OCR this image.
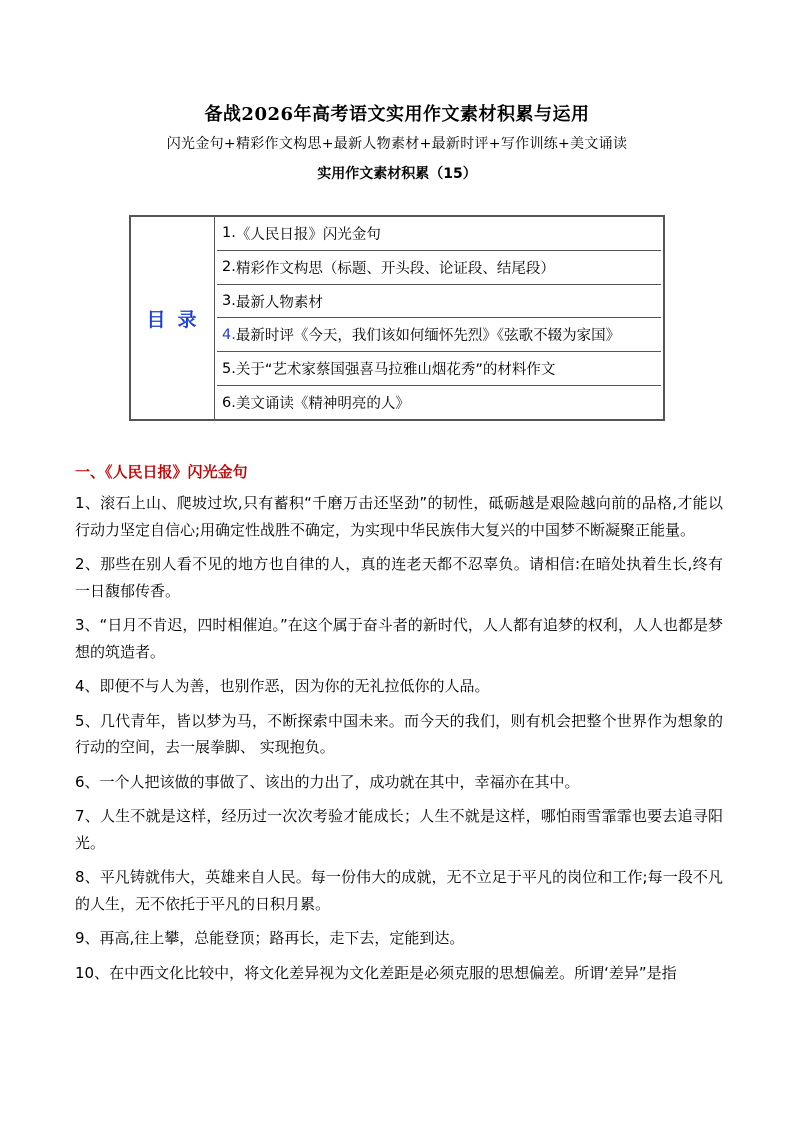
备战2026年高考语文实用作文素材积累与运用
闪光金句+精彩作文构思+最新人物素材+最新时评+写作训练+美文诵读
实用作文素材积累（15）
目录
1. 《人民日报》闪光金句
2. 精彩作文构思（标题、开头段、论证段、结尾段）
3. 最新人物素材
4. 最新时评《今天，我们该如何缅怀先烈》《弦歌不辍为家国》
5. 关于“艺术家蔡国强喜马拉雅山烟花秀”的材料作文
6. 美文诵读《精神明亮的人》
一、《人民日报》闪光金句

1、滚石上山、爬坡过坎,只有蓄积“千磨万击还坚劲”的韧性，砥砺越是艰险越向前的品格,才能以行动力坚定自信心;用确定性战胜不确定，为实现中华民族伟大复兴的中国梦不断凝聚正能量。

2、那些在别人看不见的地方也自律的人，真的连老天都不忍辜负。请相信:在暗处执着生长,终有一日馥郁传香。

3、“日月不肯迟，四时相催迫。”在这个属于奋斗者的新时代，人人都有追梦的权利，人人也都是梦想的筑造者。

4、即便不与人为善，也别作恶，因为你的无礼拉低你的人品。

5、几代青年，皆以梦为马，不断探索中国未来。而今天的我们，则有机会把整个世界作为想象的行动的空间，去一展拳脚、 实现抱负。

6、一个人把该做的事做了、该出的力出了，成功就在其中，幸福亦在其中。

7、人生不就是这样，经历过一次次考验才能成长；人生不就是这样，哪怕雨雪霏霏也要去追寻阳光。

8、平凡铸就伟大，英雄来自人民。每一份伟大的成就，无不立足于平凡的岗位和工作;每一段不凡的人生，无不依托于平凡的日积月累。

9、再高,往上攀，总能登顶；路再长，走下去，定能到达。

10、在中西文化比较中，将文化差异视为文化差距是必须克服的思想偏差。所谓‘差异”是指
